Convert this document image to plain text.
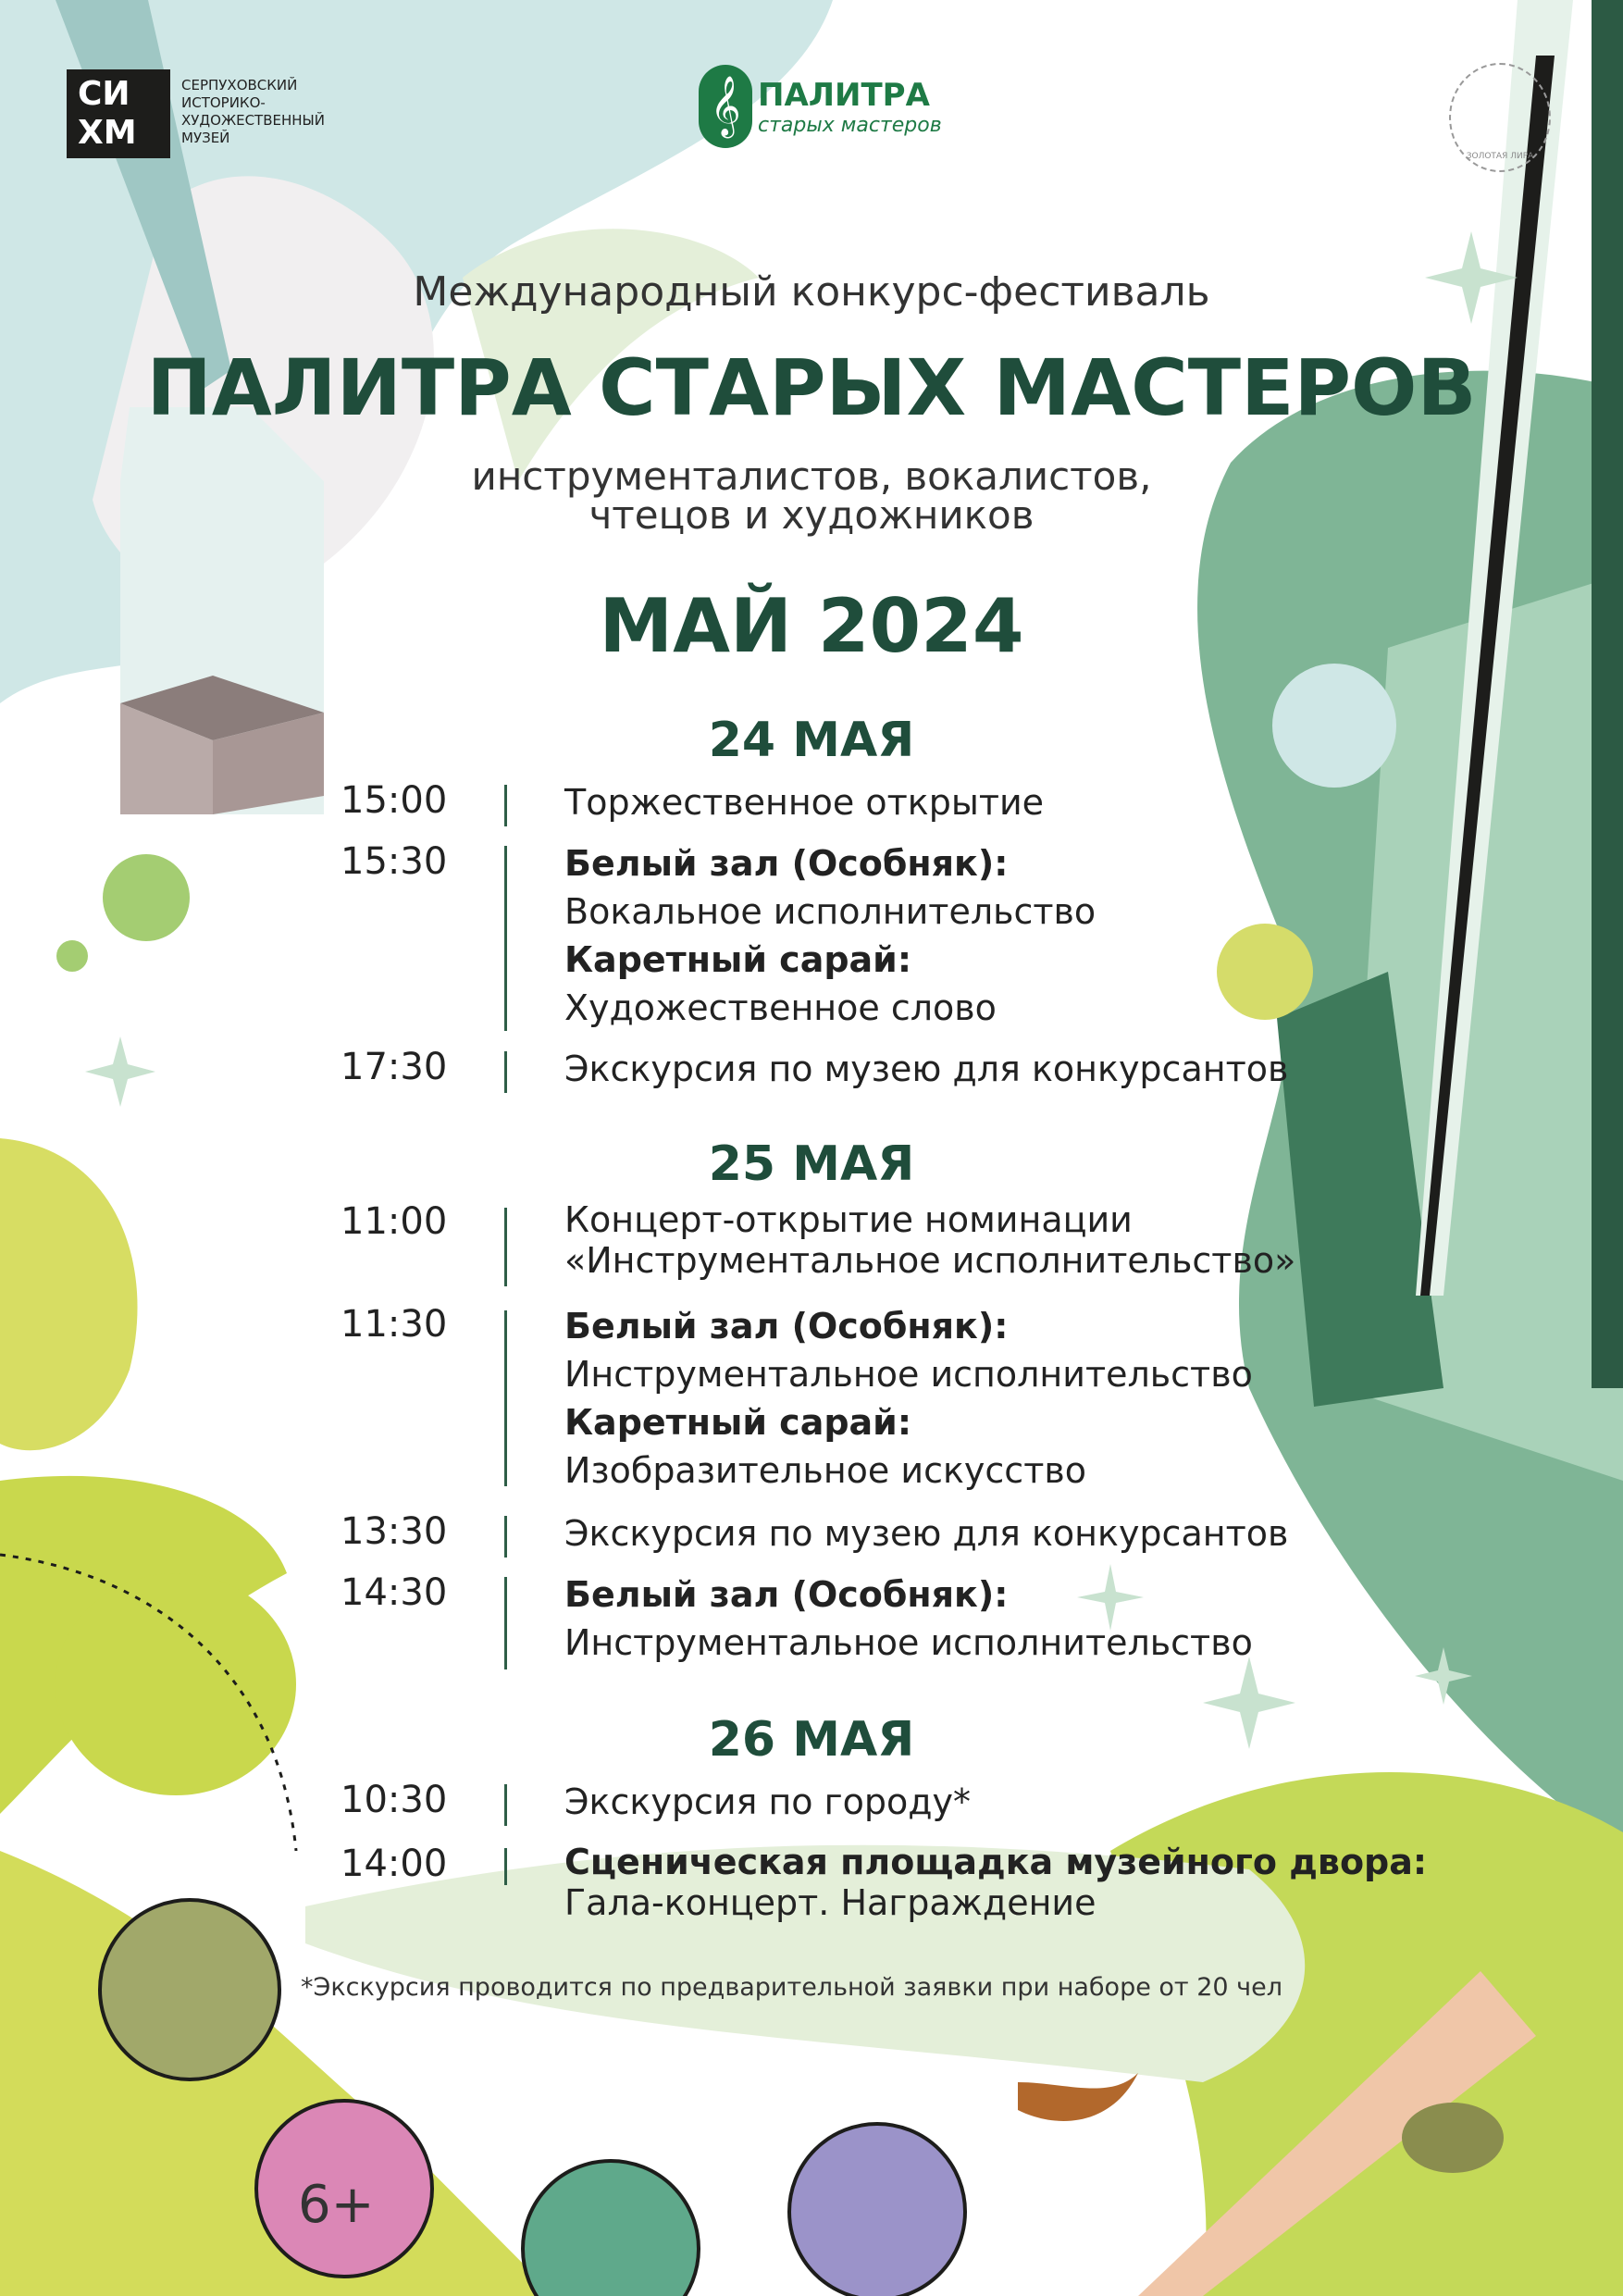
СИ
ХМ
СЕРПУХОВСКИЙ
ИСТОРИКО-
ХУДОЖЕСТВЕННЫЙ
МУЗЕЙ
𝄞 ПАЛИТРА
старых мастеров
ЗОЛОТАЯ ЛИРА
Международный конкурс-фестиваль
ПАЛИТРА СТАРЫХ МАСТЕРОВ
инструменталистов, вокалистов,
чтецов и художников
МАЙ 2024
24 МАЯ
15:00	Торжественное открытие
15:30	Белый зал (Особняк):
Вокальное исполнительство
Каретный сарай:
Художественное слово
17:30	Экскурсия по музею для конкурсантов
25 МАЯ
11:00	Концерт-открытие номинации
«Инструментальное исполнительство»
11:30	Белый зал (Особняк):
Инструментальное исполнительство
Каретный сарай:
Изобразительное искусство
13:30	Экскурсия по музею для конкурсантов
14:30	Белый зал (Особняк):
Инструментальное исполнительство
26 МАЯ
10:30	Экскурсия по городу*
14:00	Сценическая площадка музейного двора:
Гала-концерт. Награждение
*Экскурсия проводится по предварительной заявки при наборе от 20 чел
6+
